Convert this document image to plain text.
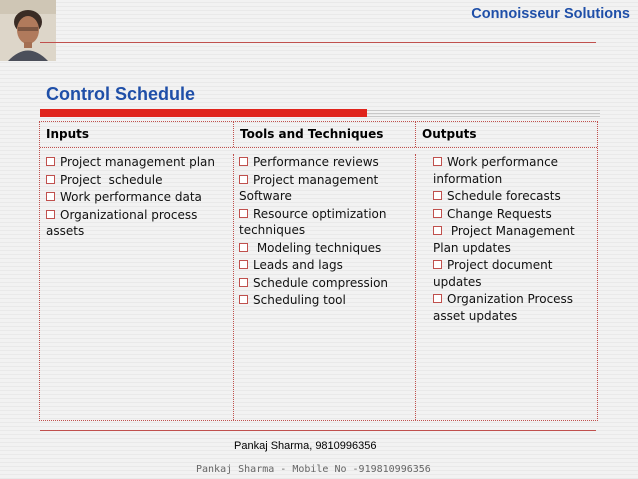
Connoisseur Solutions
Control Schedule
Inputs	Tools and Techniques	Outputs
Project management plan
Project  schedule
Work performance data
Organizational process assets
Performance reviews
Project management Software
Resource optimization techniques
Modeling techniques
Leads and lags
Schedule compression
Scheduling tool
Work performance information
Schedule forecasts
Change Requests
Project Management Plan updates
Project document updates
Organization Process asset updates
Pankaj Sharma, 9810996356
Pankaj Sharma - Mobile No -919810996356
